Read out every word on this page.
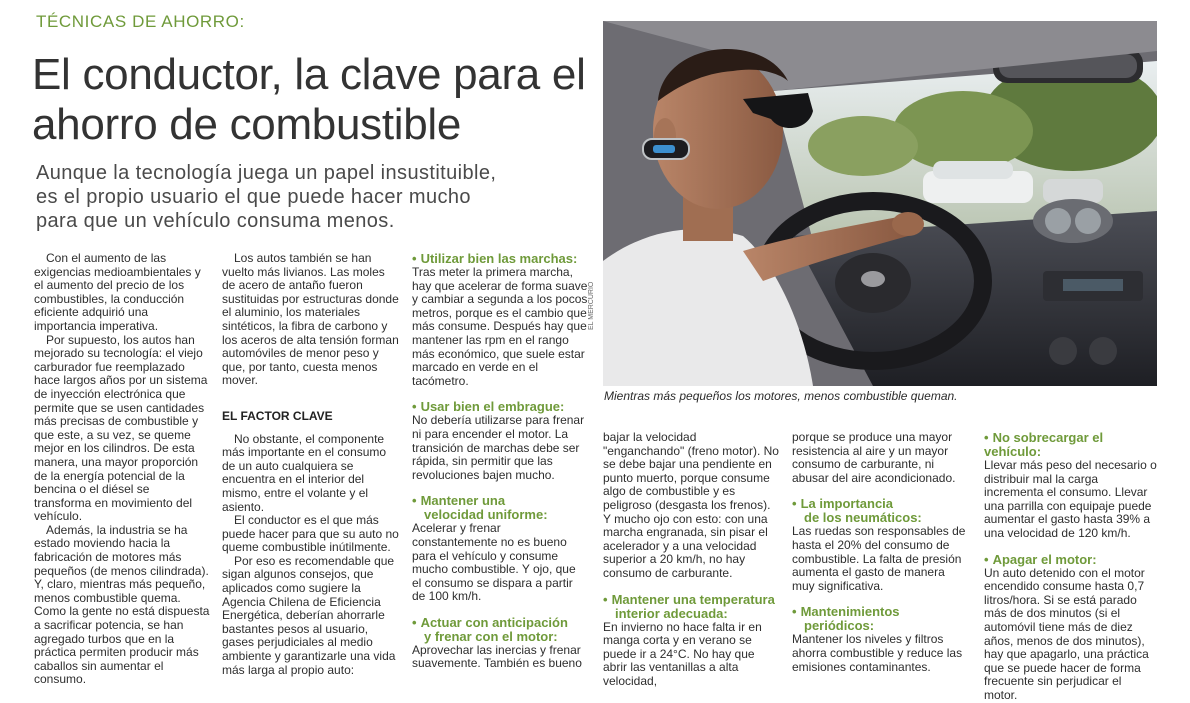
TÉCNICAS DE AHORRO:
El conductor, la clave para el ahorro de combustible

Aunque la tecnología juega un papel insustituible, es el propio usuario el que puede hacer mucho para que un vehículo consuma menos.

EL MERCURIO
Mientras más pequeños los motores, menos combustible queman.

Con el aumento de las exigencias medioambientales y el aumento del precio de los combustibles, la conducción eficiente adquirió una importancia imperativa.

Por supuesto, los autos han mejorado su tecnología: el viejo carburador fue reemplazado hace largos años por un sistema de inyección electrónica que permite que se usen cantidades más precisas de combustible y que este, a su vez, se queme mejor en los cilindros. De esta manera, una mayor proporción de la energía potencial de la bencina o el diésel se transforma en movimiento del vehículo.

Además, la industria se ha estado moviendo hacia la fabricación de motores más pequeños (de menos cilindrada). Y, claro, mientras más pequeño, menos combustible quema. Como la gente no está dispuesta a sacrificar potencia, se han agregado turbos que en la práctica permiten producir más caballos sin aumentar el consumo.

Los autos también se han vuelto más livianos. Las moles de acero de antaño fueron sustituidas por estructuras donde el aluminio, los materiales sintéticos, la fibra de carbono y los aceros de alta tensión forman automóviles de menor peso y que, por tanto, cuesta menos mover.

EL FACTOR CLAVE

No obstante, el componente más importante en el consumo de un auto cualquiera se encuentra en el interior del mismo, entre el volante y el asiento.

El conductor es el que más puede hacer para que su auto no queme combustible inútilmente.

Por eso es recomendable que sigan algunos consejos, que aplicados como sugiere la Agencia Chilena de Eficiencia Energética, deberían ahorrarle bastantes pesos al usuario, gases perjudiciales al medio ambiente y garantizarle una vida más larga al propio auto:

• Utilizar bien las marchas:

Tras meter la primera marcha, hay que acelerar de forma suave y cambiar a segunda a los pocos metros, porque es el cambio que más consume. Después hay que mantener las rpm en el rango más económico, que suele estar marcado en verde en el tacómetro.

• Usar bien el embrague:

No debería utilizarse para frenar ni para encender el motor. La transición de marchas debe ser rápida, sin permitir que las revoluciones bajen mucho.

• Mantener una
velocidad uniforme:

Acelerar y frenar constantemente no es bueno para el vehículo y consume mucho combustible. Y ojo, que el consumo se dispara a partir de 100 km/h.

• Actuar con anticipación
y frenar con el motor:

Aprovechar las inercias y frenar suavemente. También es bueno

bajar la velocidad "enganchando" (freno motor). No se debe bajar una pendiente en punto muerto, porque consume algo de combustible y es peligroso (desgasta los frenos). Y mucho ojo con esto: con una marcha engranada, sin pisar el acelerador y a una velocidad superior a 20 km/h, no hay consumo de carburante.

• Mantener una temperatura
interior adecuada:

En invierno no hace falta ir en manga corta y en verano se puede ir a 24°C. No hay que abrir las ventanillas a alta velocidad,

porque se produce una mayor resistencia al aire y un mayor consumo de carburante, ni abusar del aire acondicionado.

• La importancia
de los neumáticos:

Las ruedas son responsables de hasta el 20% del consumo de combustible. La falta de presión aumenta el gasto de manera muy significativa.

• Mantenimientos
periódicos:

Mantener los niveles y filtros ahorra combustible y reduce las emisiones contaminantes.

• No sobrecargar el vehículo:

Llevar más peso del necesario o distribuir mal la carga incrementa el consumo. Llevar una parrilla con equipaje puede aumentar el gasto hasta 39% a una velocidad de 120 km/h.

• Apagar el motor:

Un auto detenido con el motor encendido consume hasta 0,7 litros/hora. Si se está parado más de dos minutos (si el automóvil tiene más de diez años, menos de dos minutos), hay que apagarlo, una práctica que se puede hacer de forma frecuente sin perjudicar el motor.
